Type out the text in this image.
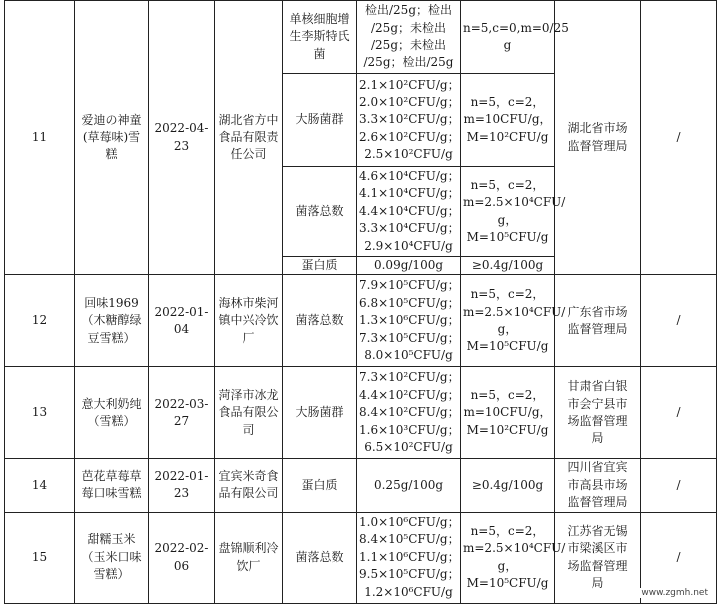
11	爱迪の神童
(草莓味)雪
糕	2022-04-23	湖北省方中
食品有限责
任公司	单核细胞增
生李斯特氏
菌	检出/25g；检出
/25g；未检出
/25g；未检出
/25g；检出/25g	n=5,c=0,m=0/25
g	湖北省市场
监督管理局	/
				大肠菌群	2.1×10²CFU/g；
2.0×10²CFU/g；
3.3×10²CFU/g；
2.6×10²CFU/g；
2.5×10²CFU/g	n=5，c=2，
m=10CFU/g，
M=10²CFU/g		
				菌落总数	4.6×10⁴CFU/g；
4.1×10⁴CFU/g；
4.4×10⁴CFU/g；
3.3×10⁴CFU/g；
2.9×10⁴CFU/g	n=5，c=2，
m=2.5×10⁴CFU/
g，
M=10⁵CFU/g		
				蛋白质	0.09g/100g	≥0.4g/100g		
12	回味1969
（木糖醇绿
豆雪糕）	2022-01-04	海林市柴河
镇中兴冷饮
厂	菌落总数	7.9×10⁵CFU/g；
6.8×10⁵CFU/g；
1.3×10⁶CFU/g；
7.3×10⁵CFU/g；
8.0×10⁵CFU/g	n=5，c=2，
m=2.5×10⁴CFU/
g，
M=10⁵CFU/g	广东省市场
监督管理局	/
13	意大利奶纯
（雪糕）	2022-03-27	菏泽市冰龙
食品有限公
司	大肠菌群	7.3×10²CFU/g；
4.4×10²CFU/g；
8.4×10²CFU/g；
1.6×10³CFU/g；
6.5×10²CFU/g	n=5，c=2，
m=10CFU/g，
M=10²CFU/g	甘肃省白银
市会宁县市
场监督管理
局	/
14	芭花草莓草
莓口味雪糕	2022-01-23	宜宾米奇食
品有限公司	蛋白质	0.25g/100g	≥0.4g/100g	四川省宜宾
市高县市场
监督管理局	/
15	甜糯玉米
（玉米口味
雪糕）	2022-02-06	盘锦顺利冷
饮厂	菌落总数	1.0×10⁶CFU/g；
8.4×10⁵CFU/g；
1.1×10⁶CFU/g；
9.5×10⁵CFU/g；
1.2×10⁶CFU/g	n=5，c=2，
m=2.5×10⁴CFU/
g，
M=10⁵CFU/g	江苏省无锡
市梁溪区市
场监督管理
局	/
www.zgmh.net
